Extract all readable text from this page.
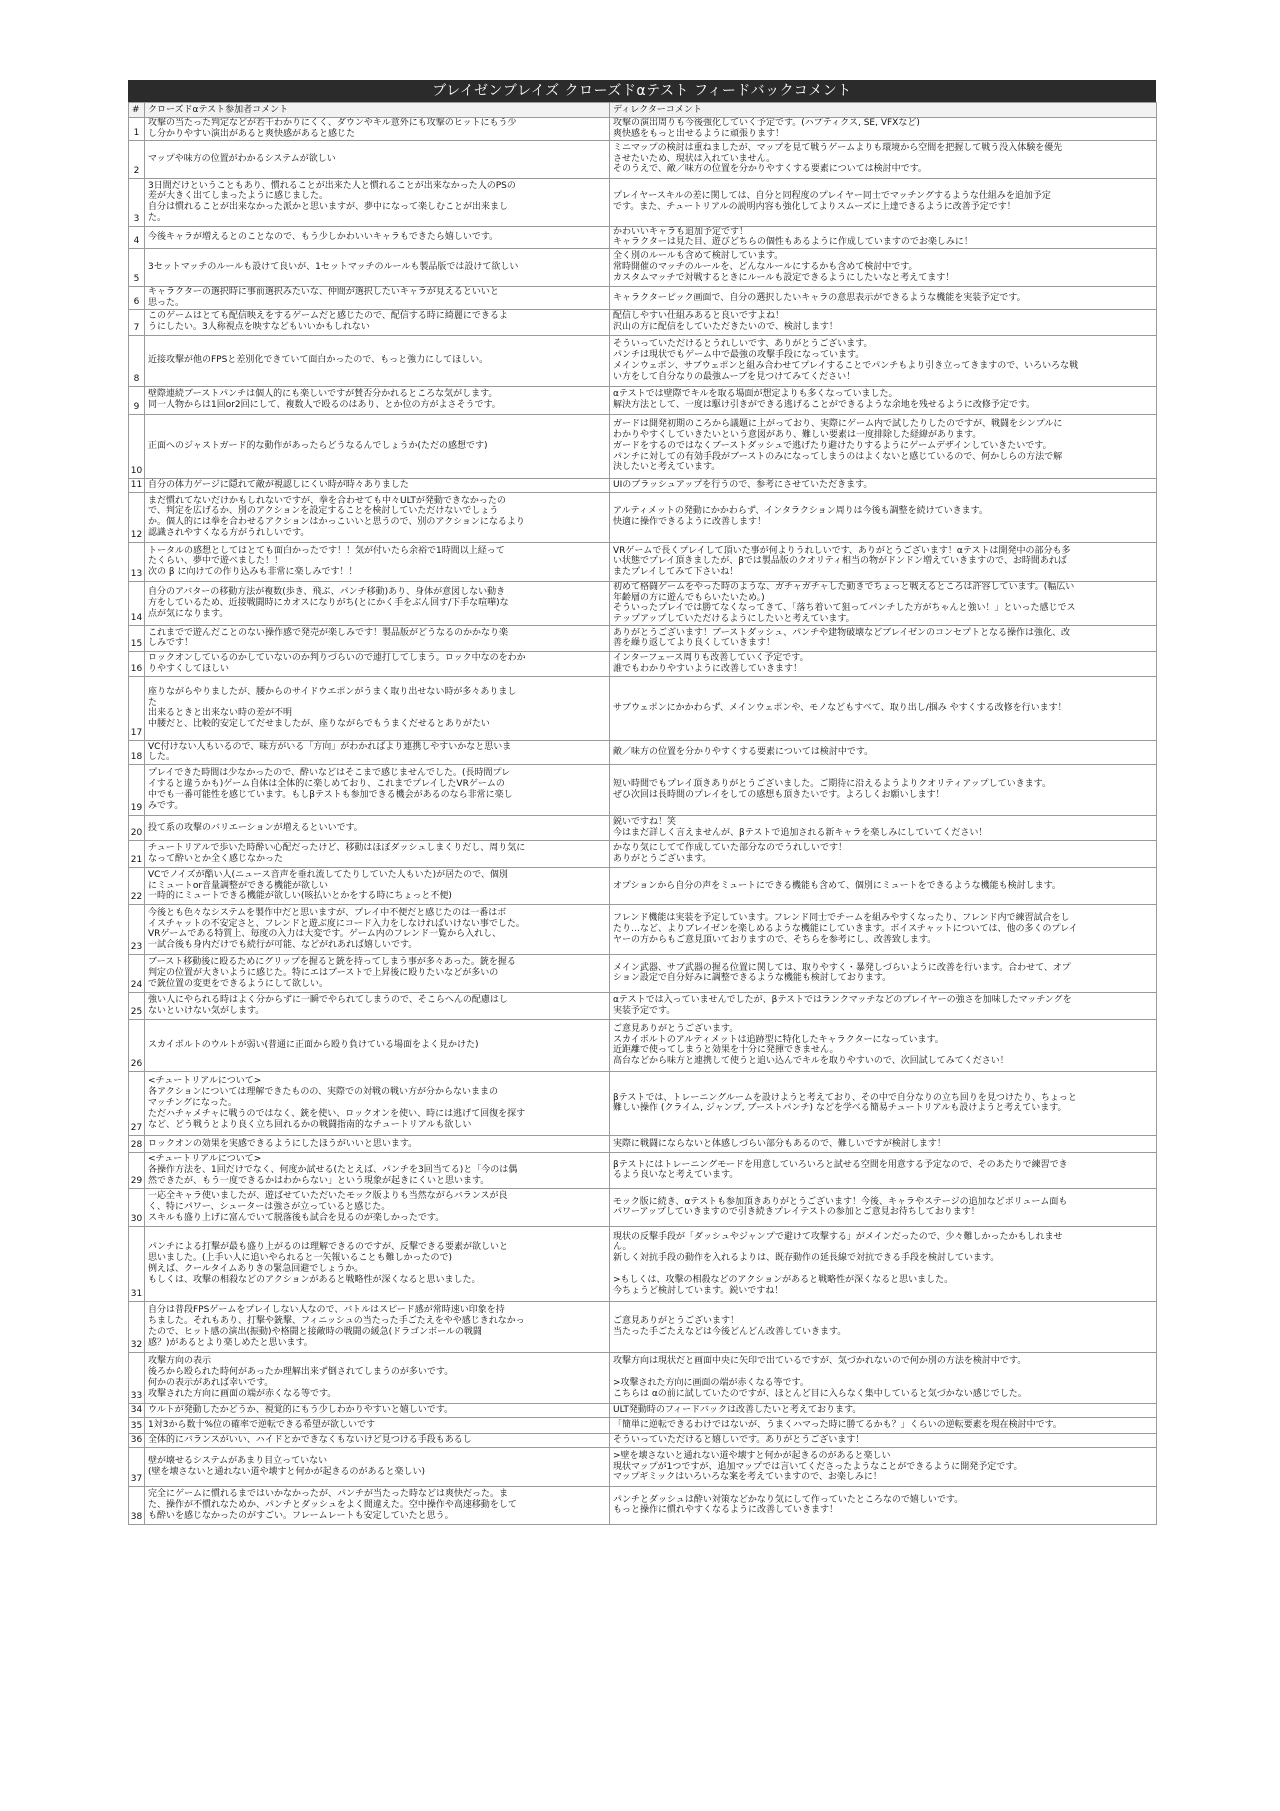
ブレイゼンブレイズ クローズドαテスト フィードバックコメント
#	クローズドαテスト参加者コメント	ディレクターコメント
1	攻撃の当たった判定などが若干わかりにくく、ダウンやキル意外にも攻撃のヒットにもう少
し分かりやすい演出があると爽快感があると感じた	攻撃の演出周りも今後強化していく予定です。(ハプティクス, SE, VFXなど)
爽快感をもっと出せるように頑張ります！
2	マップや味方の位置がわかるシステムが欲しい	ミニマップの検討は重ねましたが、マップを見て戦うゲームよりも環境から空間を把握して戦う没入体験を優先
させたいため、現状は入れていません。
そのうえで、敵／味方の位置を分かりやすくする要素については検討中です。
3	3日間だけということもあり、慣れることが出来た人と慣れることが出来なかった人のPSの
差が大きく出てしまったように感じました。
自分は慣れることが出来なかった派かと思いますが、夢中になって楽しむことが出来まし
た。	プレイヤースキルの差に関しては、自分と同程度のプレイヤー同士でマッチングするような仕組みを追加予定
です。また、チュートリアルの説明内容も強化してよりスムーズに上達できるように改善予定です！
4	今後キャラが増えるとのことなので、もう少しかわいいキャラもできたら嬉しいです。	かわいいキャラも追加予定です！
キャラクターは見た目、遊びどちらの個性もあるように作成していますのでお楽しみに！
5	3セットマッチのルールも設けて良いが、1セットマッチのルールも製品版では設けて欲しい	全く別のルールも含めて検討しています。
常時開催のマッチのルールを、どんなルールにするかも含めて検討中です。
カスタムマッチで対戦するときにルールも設定できるようにしたいなと考えてます！
6	キャラクターの選択時に事前選択みたいな、仲間が選択したいキャラが見えるといいと
思った。	キャラクターピック画面で、自分の選択したいキャラの意思表示ができるような機能を実装予定です。
7	このゲームはとても配信映えをするゲームだと感じたので、配信する時に綺麗にできるよ
うにしたい。3人称視点を映すなどもいいかもしれない	配信しやすい仕組みあると良いですよね！
沢山の方に配信をしていただきたいので、検討します！
8	近接攻撃が他のFPSと差別化できていて面白かったので、もっと強力にしてほしい。	そういっていただけるとうれしいです、ありがとうございます。
パンチは現状でもゲーム中で最強の攻撃手段になっています。
メインウェポン、サブウェポンと組み合わせてプレイすることでパンチもより引き立ってきますので、いろいろな戦
い方をして自分なりの最強ムーブを見つけてみてください！
9	壁際連続ブーストパンチは個人的にも楽しいですが賛否分かれるところな気がします。
同一人物からは1回or2回にして、複数人で殴るのはあり、とか位の方がよさそうです。	αテストでは壁際でキルを取る場面が想定よりも多くなっていました。
解決方法として、一度は駆け引きができる逃げることができるような余地を残せるように改修予定です。
10	正面へのジャストガード的な動作があったらどうなるんでしょうか(ただの感想です)	ガードは開発初期のころから議題に上がっており、実際にゲーム内で試したりしたのですが、戦闘をシンプルに
わかりやすくしていきたいという意図があり、難しい要素は一度排除した経緯があります。
ガードをするのではなくブーストダッシュで逃げたり避けたりするようにゲームデザインしていきたいです。
パンチに対しての有効手段がブーストのみになってしまうのはよくないと感じているので、何かしらの方法で解
決したいと考えています。
11	自分の体力ゲージに隠れて敵が視認しにくい時が時々ありました	UIのブラッシュアップを行うので、参考にさせていただきます。
12	まだ慣れてないだけかもしれないですが、拳を合わせても中々ULTが発動できなかったの
で、判定を広げるか、別のアクションを設定することを検討していただけないでしょう
か。個人的には拳を合わせるアクションはかっこいいと思うので、別のアクションになるより
認識されやすくなる方がうれしいです。	アルティメットの発動にかかわらず、インタラクション周りは今後も調整を続けていきます。
快適に操作できるように改善します！
13	トータルの感想としてはとても面白かったです！！気が付いたら余裕で1時間以上経って
たくらい、夢中で遊べました！！
次の β に向けての作り込みも非常に楽しみです！！	VRゲームで長くプレイして頂いた事が何よりうれしいです、ありがとうございます！αテストは開発中の部分も多
い状態でプレイ頂きましたが、βでは製品版のクオリティ相当の物がドンドン増えていきますので、お時間あれば
またプレイしてみて下さいね！
14	自分のアバターの移動方法が複数(歩き、飛ぶ、パンチ移動)あり、身体が意図しない動き
方をしているため、近接戦闘時にカオスになりがち(とにかく手をぶん回す/下手な喧嘩)な
点が気になります。	初めて格闘ゲームをやった時のような、ガチャガチャした動きでちょっと戦えるところは許容しています。(幅広い
年齢層の方に遊んでもらいたいため。)
そういったプレイでは勝てなくなってきて、「落ち着いて狙ってパンチした方がちゃんと強い！」といった感じでス
テップアップしていただけるようにしたいと考えています。
15	これまでで遊んだことのない操作感で発売が楽しみです！製品版がどうなるのかかなり楽
しみです！	ありがとうございます！ブーストダッシュ、パンチや建物破壊などブレイゼンのコンセプトとなる操作は強化、改
善を繰り返してより良くしていきます！
16	ロックオンしているのかしていないのか判りづらいので連打してしまう。ロック中なのをわか
りやすくしてほしい	インターフェース周りも改善していく予定です。
誰でもわかりやすいように改善していきます！
17	座りながらやりましたが、腰からのサイドウエポンがうまく取り出せない時が多々ありまし
た
出来るときと出来ない時の差が不明
中腰だと、比較的安定してだせましたが、座りながらでもうまくだせるとありがたい	サブウェポンにかかわらず、メインウェポンや、モノなどもすべて、取り出し/掴み やすくする改修を行います！
18	VC付けない人もいるので、味方がいる「方向」がわかればより連携しやすいかなと思いま
した。	敵／味方の位置を分かりやすくする要素については検討中です。
19	プレイできた時間は少なかったので、酔いなどはそこまで感じませんでした。(長時間プレ
イすると違うかも)ゲーム自体は全体的に楽しめており、これまでプレイしたVRゲームの
中でも一番可能性を感じています。もしβテストも参加できる機会があるのなら非常に楽し
みです。	短い時間でもプレイ頂きありがとうございました。ご期待に沿えるようよりクオリティアップしていきます。
ぜひ次回は長時間のプレイをしての感想も頂きたいです。よろしくお願いします！
20	投て系の攻撃のバリエーションが増えるといいです。	鋭いですね！笑
今はまだ詳しく言えませんが、βテストで追加される新キャラを楽しみにしていてください！
21	チュートリアルで歩いた時酔い心配だったけど、移動はほぼダッシュしまくりだし、周り気に
なって酔いとか全く感じなかった	かなり気にしてて作成していた部分なのでうれしいです！
ありがとうございます。
22	VCでノイズが酷い人(ニュース音声を垂れ流してたりしていた人もいた)が居たので、個別
にミュートor音量調整ができる機能が欲しい
一時的にミュートできる機能が欲しい(咳払いとかをする時にちょっと不便)	オプションから自分の声をミュートにできる機能も含めて、個別にミュートをできるような機能も検討します。
23	今後とも色々なシステムを製作中だと思いますが、プレイ中不便だと感じたのは一番はボ
イスチャットの不安定さと、フレンドと遊ぶ度にコード入力をしなければいけない事でした。
VRゲームである特質上、毎度の入力は大変です。ゲーム内のフレンド一覧から入れし、
一試合後も身内だけでも続行が可能、などがれあれば嬉しいです。	フレンド機能は実装を予定しています。フレンド同士でチームを組みやすくなったり、フレンド内で練習試合をし
たり…など、よりブレイゼンを楽しめるような機能にしていきます。ボイスチャットについては、他の多くのプレイ
ヤーの方からもご意見頂いておりますので、そちらを参考にし、改善致します。
24	ブースト移動後に殴るためにグリップを握ると銃を持ってしまう事が多々あった。銃を握る
判定の位置が大きいように感じた。特にエはブーストで上昇後に殴りたいなどが多いの
で銃位置の変更をできるようにして欲しい。	メイン武器、サブ武器の握る位置に関しては、取りやすく・暴発しづらいように改善を行います。合わせて、オプ
ション設定で自分好みに調整できるような機能も検討しております。
25	強い人にやられる時はよく分からずに一瞬でやられてしまうので、そこらへんの配慮はし
ないといけない気がします。	αテストでは入っていませんでしたが、βテストではランクマッチなどのプレイヤーの強さを加味したマッチングを
実装予定です。
26	スカイボルトのウルトが弱い(普通に正面から殴り負けている場面をよく見かけた)	ご意見ありがとうございます。
スカイボルトのアルティメットは追跡型に特化したキャラクターになっています。
近距離で使ってしまうと効果を十分に発揮できません。
高台などから味方と連携して使うと追い込んでキルを取りやすいので、次回試してみてください！
27	<チュートリアルについて>
各アクションについては理解できたものの、実際での対戦の戦い方が分からないままの
マッチングになった。
ただハチャメチャに戦うのではなく、銃を使い、ロックオンを使い、時には逃げて回復を探す
など、どう戦うとより良く立ち回れるかの戦闘指南的なチュートリアルも欲しい	βテストでは、トレーニングルームを設けようと考えており、その中で自分なりの立ち回りを見つけたり、ちょっと
難しい操作 (クライム, ジャンプ, ブーストパンチ) などを学べる簡易チュートリアルも設けようと考えています。
28	ロックオンの効果を実感できるようにしたほうがいいと思います。	実際に戦闘にならないと体感しづらい部分もあるので、難しいですが検討します！
29	<チュートリアルについて>
各操作方法を、1回だけでなく、何度か試せる(たとえば、パンチを3回当てる)と「今のは偶
然できたが、もう一度できるかはわからない」という現象が起きにくいと思います。	βテストにはトレーニングモードを用意していろいろと試せる空間を用意する予定なので、そのあたりで練習でき
るよう良いなと考えています。
30	一応全キャラ使いましたが、遊ばせていただいたモック版よりも当然ながらバランスが良
く、特にパワー、シューターは強さが立っていると感じた。
スキルも盛り上げに富んでいて脱落後も試合を見るのが楽しかったです。	モック版に続き、αテストも参加頂きありがとうございます！今後、キャラやステージの追加などボリューム面も
パワーアップしていきますので引き続きプレイテストの参加とご意見お待ちしております！
31	パンチによる打撃が最も盛り上がるのは理解できるのですが、反撃できる要素が欲しいと
思いました。(上手い人に追いやられると一矢報いることも難しかったので)
例えば、クールタイムありきの緊急回避でしょうか。
もしくは、攻撃の相殺などのアクションがあると戦略性が深くなると思いました。	現状の反撃手段が「ダッシュやジャンプで避けて攻撃する」がメインだったので、少々難しかったかもしれませ
ん。
新しく対抗手段の動作を入れるよりは、既存動作の延長線で対抗できる手段を検討しています。

>もしくは、攻撃の相殺などのアクションがあると戦略性が深くなると思いました。
今ちょうど検討しています。鋭いですね！
32	自分は普段FPSゲームをプレイしない人なので、バトルはスピード感が常時速い印象を持
ちました。それもあり、打撃や銃撃、フィニッシュの当たった手ごたえをやや感じきれなかっ
たので、ヒット感の演出(振動)や格闘と接敵時の戦闘の緩急(ドラゴンボールの戦闘
感？)があるとより楽しめたと思います。	ご意見ありがとうございます！
当たった手ごたえなどは今後どんどん改善していきます。
33	攻撃方向の表示
後ろから殴られた時何があったか理解出来ず倒されてしまうのが多いです。
何かの表示があれば幸いです。
攻撃された方向に画面の端が赤くなる等です。	攻撃方向は現状だと画面中央に矢印で出ているですが、気づかれないので何か別の方法を検討中です。

>攻撃された方向に画面の端が赤くなる等です。
こちらは αの前に試していたのですが、ほとんど目に入らなく集中していると気づかない感じでした。
34	ウルトが発動したかどうか、視覚的にもう少しわかりやすいと嬉しいです。	ULT発動時のフィードバックは改善したいと考えております。
35	1対3から数十%位の確率で逆転できる希望が欲しいです	「簡単に逆転できるわけではないが、うまくハマった時に勝てるかも？」くらいの逆転要素を現在検討中です。
36	全体的にバランスがいい、ハイドとかできなくもないけど見つける手段もあるし	そういっていただけると嬉しいです。ありがとうございます！
37	壁が壊せるシステムがあまり目立っていない
(壁を壊さないと通れない道や壊すと何かが起きるのがあると楽しい)	>壁を壊さないと通れない道や壊すと何かが起きるのがあると楽しい
現状マップが1つですが、追加マップでは言いてくださったようなことができるように開発予定です。
マップギミックはいろいろな案を考えていますので、お楽しみに！
38	完全にゲームに慣れるまではいかなかったが、パンチが当たった時などは爽快だった。ま
た、操作が不慣れなためか、パンチとダッシュをよく間違えた。空中操作や高速移動をして
も酔いを感じなかったのがすごい。フレームレートも安定していたと思う。	パンチとダッシュは酔い対策などかなり気にして作っていたところなので嬉しいです。
もっと操作に慣れやすくなるように改善していきます！
